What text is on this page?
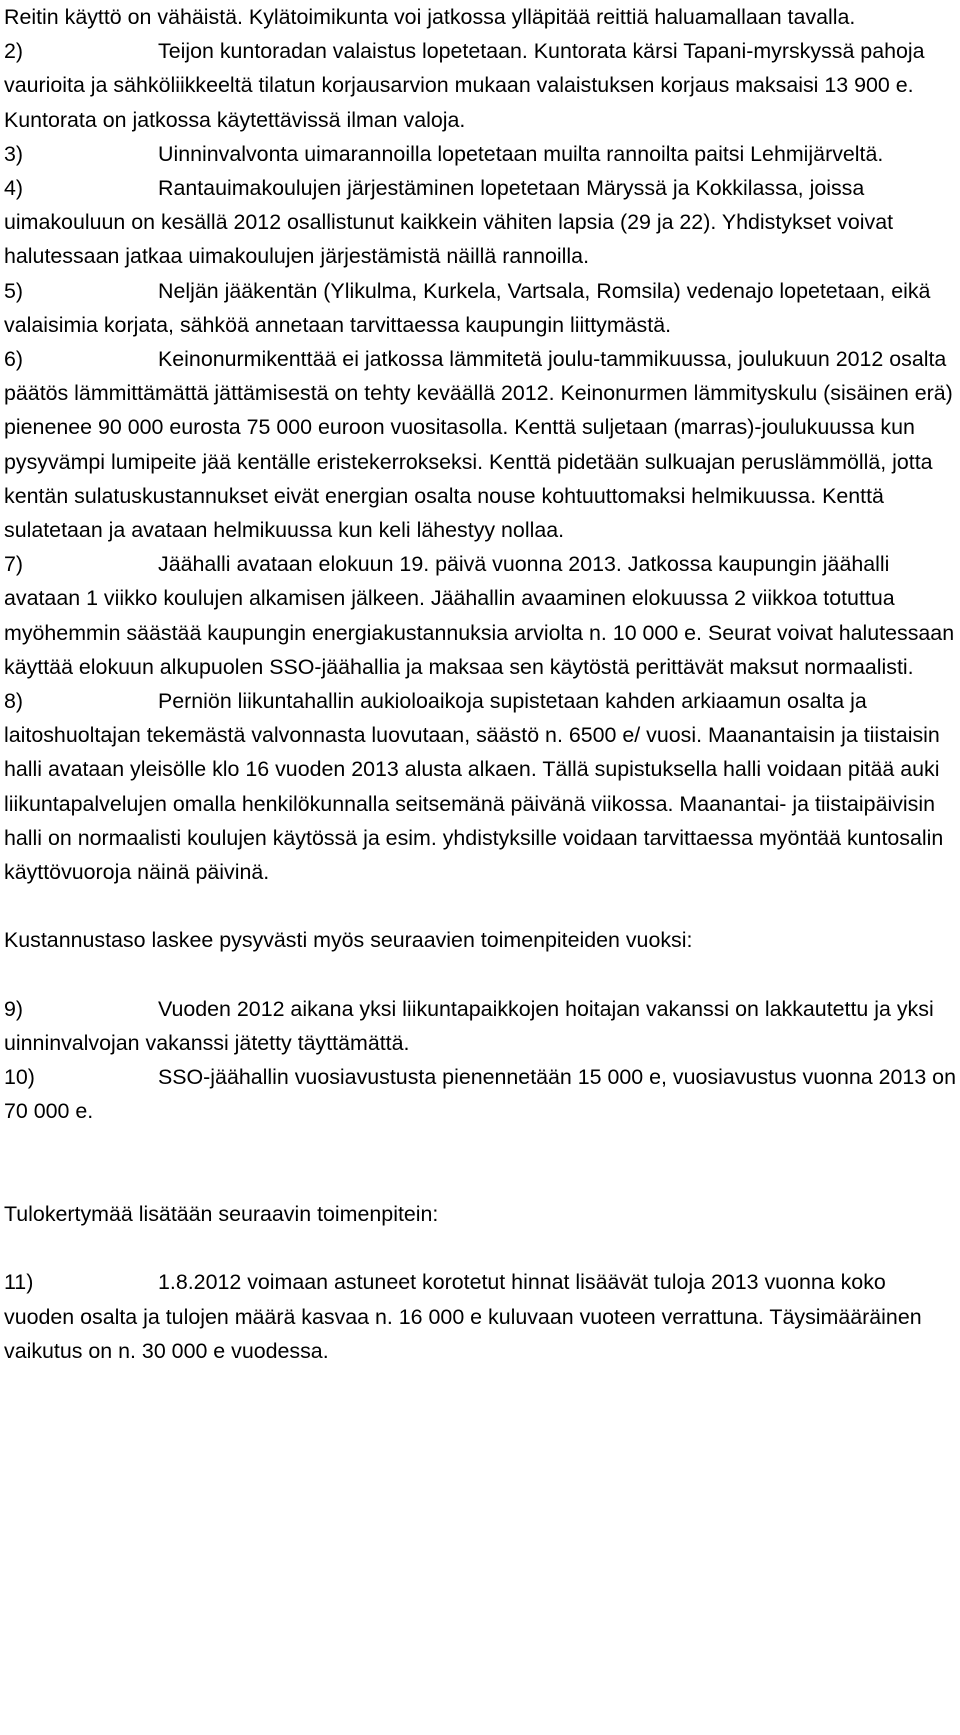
Reitin käyttö on vähäistä. Kylätoimikunta voi jatkossa ylläpitää reittiä haluamallaan tavalla.

2)	Teijon kuntoradan valaistus lopetetaan. Kuntorata kärsi Tapani-myrskyssä pahoja vaurioita ja sähköliikkeeltä tilatun korjausarvion mukaan valaistuksen korjaus maksaisi 13 900 e. Kuntorata on jatkossa käytettävissä ilman valoja.

3)	Uinninvalvonta uimarannoilla lopetetaan muilta rannoilta paitsi Lehmijärveltä.

4)	Rantauimakoulujen järjestäminen lopetetaan Märyssä ja Kokkilassa, joissa uimakouluun on kesällä 2012 osallistunut kaikkein vähiten lapsia (29 ja 22). Yhdistykset voivat halutessaan jatkaa uimakoulujen järjestämistä näillä rannoilla.

5)	Neljän jääkentän (Ylikulma, Kurkela, Vartsala, Romsila) vedenajo lopetetaan, eikä valaisimia korjata, sähköä annetaan tarvittaessa kaupungin liittymästä.

6)	Keinonurmikenttää ei jatkossa lämmitetä joulu-tammikuussa, joulukuun 2012 osalta päätös lämmittämättä jättämisestä on tehty keväällä 2012. Keinonurmen lämmityskulu (sisäinen erä) pienenee 90 000 eurosta 75 000 euroon vuositasolla. Kenttä suljetaan (marras)-joulukuussa kun pysyvämpi lumipeite jää kentälle eristekerrokseksi. Kenttä pidetään sulkuajan peruslämmöllä, jotta kentän sulatuskustannukset eivät energian osalta nouse kohtuuttomaksi helmikuussa. Kenttä sulatetaan ja avataan helmikuussa kun keli lähestyy nollaa.

7)	Jäähalli avataan elokuun 19. päivä vuonna 2013. Jatkossa kaupungin jäähalli avataan 1 viikko koulujen alkamisen jälkeen. Jäähallin avaaminen elokuussa 2 viikkoa totuttua myöhemmin säästää kaupungin energiakustannuksia arviolta n. 10 000 e. Seurat voivat halutessaan käyttää elokuun alkupuolen SSO-jäähallia ja maksaa sen käytöstä perittävät maksut normaalisti.

8)	Perniön liikuntahallin aukioloaikoja supistetaan kahden arkiaamun osalta ja laitoshuoltajan tekemästä valvonnasta luovutaan, säästö n. 6500 e/ vuosi. Maanantaisin ja tiistaisin halli avataan yleisölle klo 16 vuoden 2013 alusta alkaen. Tällä supistuksella halli voidaan pitää auki liikuntapalvelujen omalla henkilökunnalla seitsemänä päivänä viikossa. Maanantai- ja tiistaipäivisin halli on normaalisti koulujen käytössä ja esim. yhdistyksille voidaan tarvittaessa myöntää kuntosalin käyttövuoroja näinä päivinä.

Kustannustaso laskee pysyvästi myös seuraavien toimenpiteiden vuoksi:

9)	Vuoden 2012 aikana yksi liikuntapaikkojen hoitajan vakanssi on lakkautettu ja yksi uinninvalvojan vakanssi jätetty täyttämättä.

10)	SSO-jäähallin vuosiavustusta pienennetään 15 000 e, vuosiavustus vuonna 2013 on 70 000 e.

Tulokertymää lisätään seuraavin toimenpitein:

11)	1.8.2012 voimaan astuneet korotetut hinnat lisäävät tuloja 2013 vuonna koko vuoden osalta ja tulojen määrä kasvaa n. 16 000 e kuluvaan vuoteen verrattuna. Täysimääräinen vaikutus on n. 30 000 e vuodessa.
